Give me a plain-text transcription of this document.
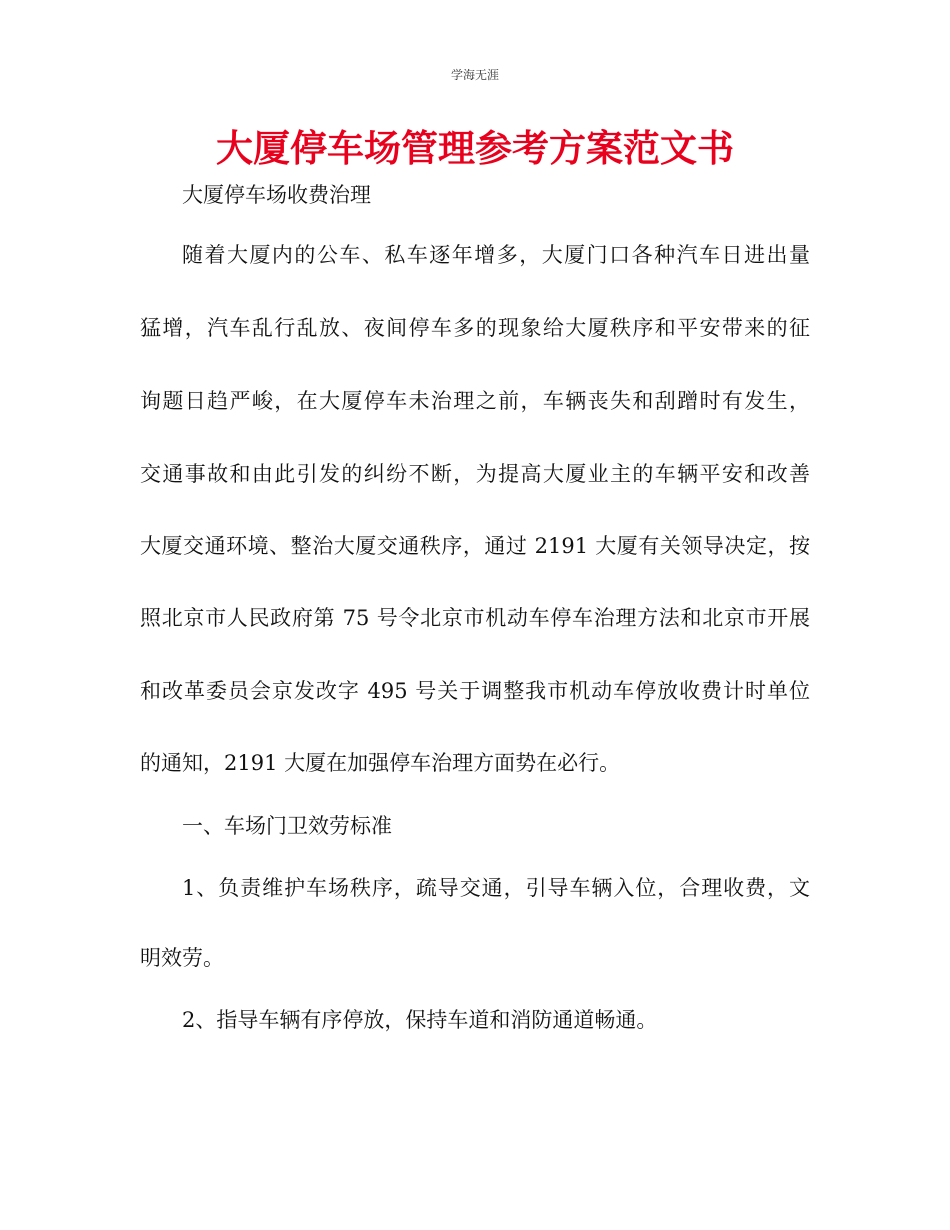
学海无涯
大厦停车场管理参考方案范文书
大厦停车场收费治理
随着大厦内的公车、私车逐年增多，大厦门口各种汽车日进出量
猛增，汽车乱行乱放、夜间停车多的现象给大厦秩序和平安带来的征
询题日趋严峻，在大厦停车未治理之前，车辆丧失和刮蹭时有发生，
交通事故和由此引发的纠纷不断，为提高大厦业主的车辆平安和改善
大厦交通环境、整治大厦交通秩序，通过 2191 大厦有关领导决定，按
照北京市人民政府第 75 号令北京市机动车停车治理方法和北京市开展
和改革委员会京发改字 495 号关于调整我市机动车停放收费计时单位
的通知，2191 大厦在加强停车治理方面势在必行。
一、车场门卫效劳标准
1、负责维护车场秩序，疏导交通，引导车辆入位，合理收费，文
明效劳。
2、指导车辆有序停放，保持车道和消防通道畅通。
